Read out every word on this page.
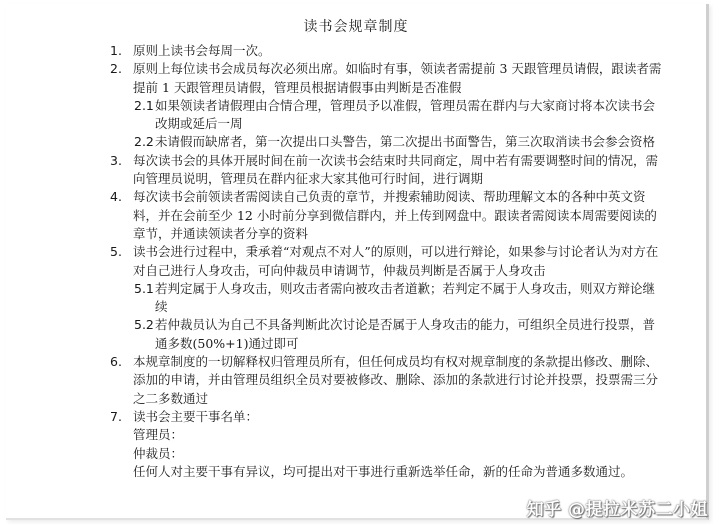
读书会规章制度
1. 原则上读书会每周一次。
2. 原则上每位读书会成员每次必须出席。如临时有事，领读者需提前 3 天跟管理员请假，跟读者需提前 1 天跟管理员请假，管理员根据请假事由判断是否准假
2.1 如果领读者请假理由合情合理，管理员予以准假，管理员需在群内与大家商讨将本次读书会改期或延后一周
2.2 未请假而缺席者，第一次提出口头警告，第二次提出书面警告，第三次取消读书会参会资格
3. 每次读书会的具体开展时间在前一次读书会结束时共同商定，周中若有需要调整时间的情况，需向管理员说明，管理员在群内征求大家其他可行时间，进行调期
4. 每次读书会前领读者需阅读自己负责的章节，并搜索辅助阅读、帮助理解文本的各种中英文资料，并在会前至少 12 小时前分享到微信群内，并上传到网盘中。跟读者需阅读本周需要阅读的章节，并通读领读者分享的资料
5. 读书会进行过程中，秉承着“对观点不对人”的原则，可以进行辩论，如果参与讨论者认为对方在对自己进行人身攻击，可向仲裁员申请调节，仲裁员判断是否属于人身攻击
5.1 若判定属于人身攻击，则攻击者需向被攻击者道歉；若判定不属于人身攻击，则双方辩论继续
5.2 若仲裁员认为自己不具备判断此次讨论是否属于人身攻击的能力，可组织全员进行投票，普通多数(50%+1)通过即可
6. 本规章制度的一切解释权归管理员所有，但任何成员均有权对规章制度的条款提出修改、删除、添加的申请，并由管理员组织全员对要被修改、删除、添加的条款进行讨论并投票，投票需三分之二多数通过
7. 读书会主要干事名单：
管理员：
仲裁员：
任何人对主要干事有异议，均可提出对干事进行重新选举任命，新的任命为普通多数通过。
知乎 @提拉米苏二小姐
